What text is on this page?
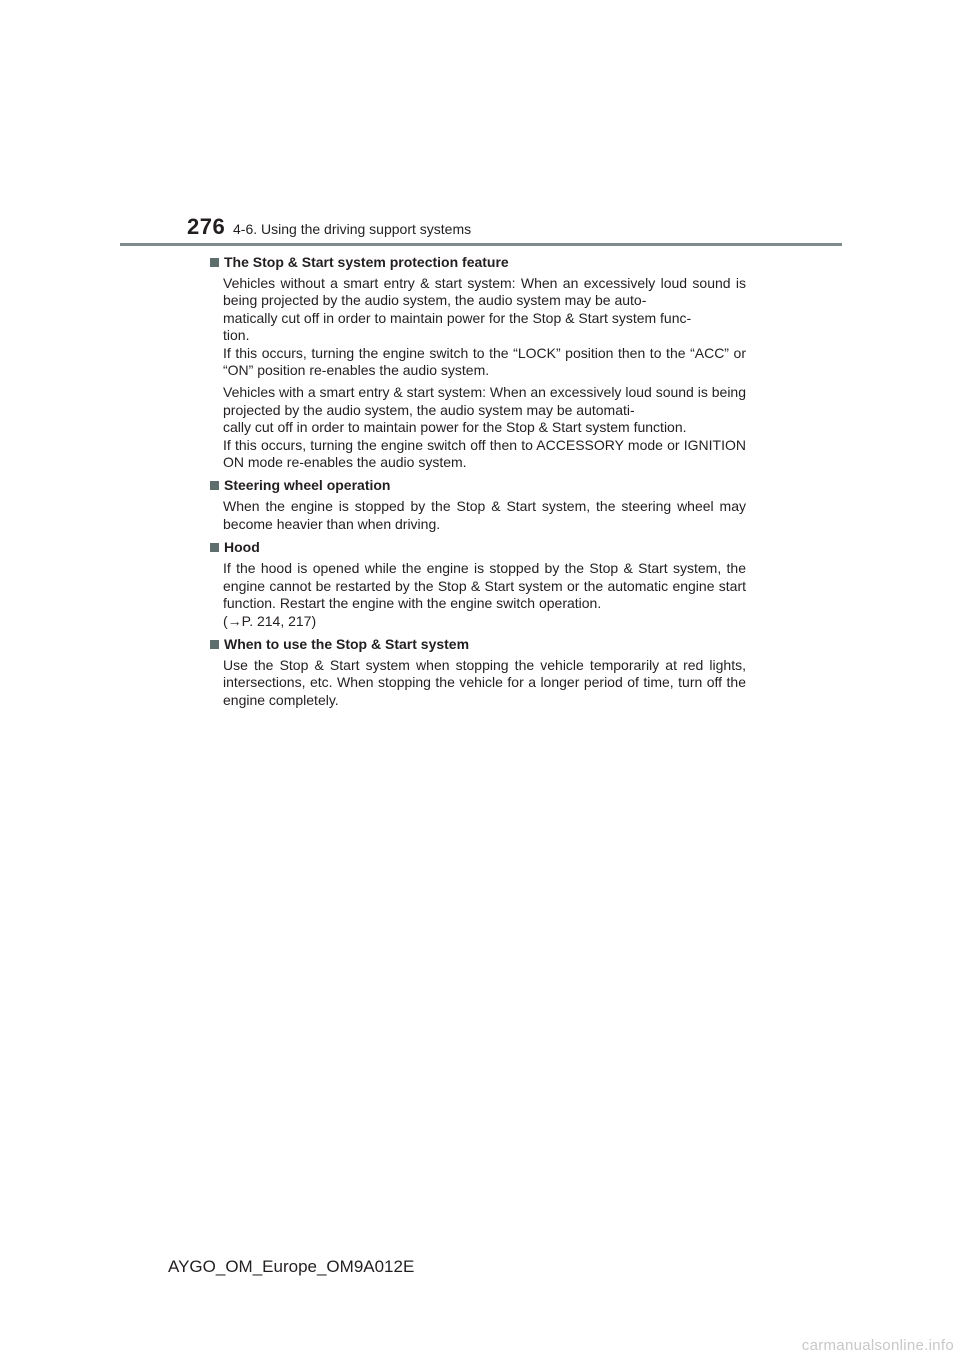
276 4-6. Using the driving support systems
The Stop & Start system protection feature

Vehicles without a smart entry & start system: When an excessively loud sound is being projected by the audio system, the audio system may be auto-
matically cut off in order to maintain power for the Stop & Start system func-
tion.
If this occurs, turning the engine switch to the “LOCK” position then to the “ACC” or “ON” position re-enables the audio system.

Vehicles with a smart entry & start system: When an excessively loud sound is being projected by the audio system, the audio system may be automati-
cally cut off in order to maintain power for the Stop & Start system function.
If this occurs, turning the engine switch off then to ACCESSORY mode or IGNITION ON mode re-enables the audio system.

Steering wheel operation

When the engine is stopped by the Stop & Start system, the steering wheel may become heavier than when driving.

Hood

If the hood is opened while the engine is stopped by the Stop & Start system, the engine cannot be restarted by the Stop & Start system or the automatic engine start function. Restart the engine with the engine switch operation.
(→P. 214, 217)

When to use the Stop & Start system

Use the Stop & Start system when stopping the vehicle temporarily at red lights, intersections, etc. When stopping the vehicle for a longer period of time, turn off the engine completely.

AYGO_OM_Europe_OM9A012E
carmanualsonline.info
